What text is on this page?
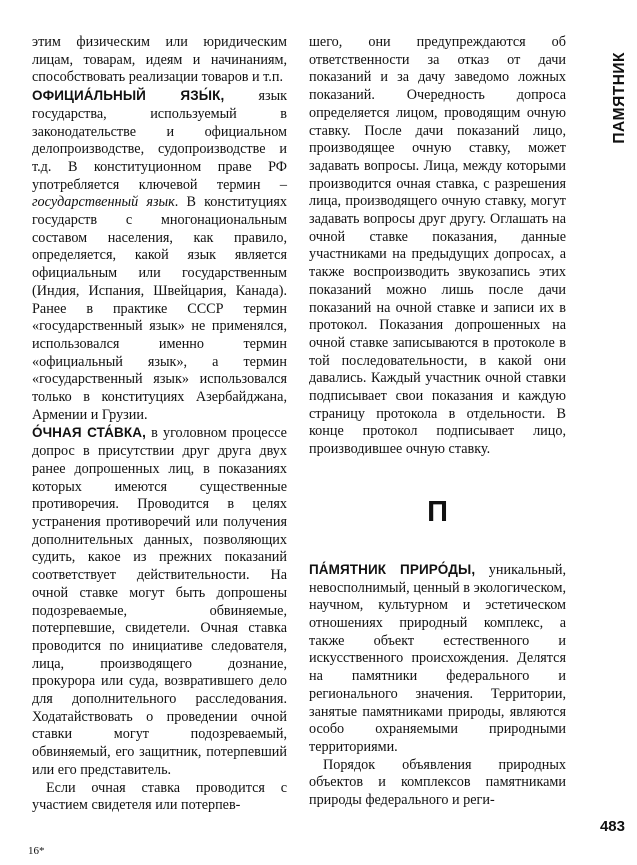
этим физическим или юридическим лицам, товарам, идеям и начинаниям, способствовать реализации товаров и т.п.

ОФИЦИА́ЛЬНЫЙ ЯЗЫ́К, язык государства, используемый в законодательстве и официальном делопроизводстве, судопроизводстве и т.д. В конституционном праве РФ употребляется ключевой термин – государственный язык. В конституциях государств с многонациональным составом населения, как правило, определяется, какой язык является официальным или государственным (Индия, Испания, Швейцария, Канада). Ранее в практике СССР термин «государственный язык» не применялся, использовался именно термин «официальный язык», а термин «государственный язык» использовался только в конституциях Азербайджана, Армении и Грузии.

О́ЧНАЯ СТА́ВКА, в уголовном процессе допрос в присутствии друг друга двух ранее допрошенных лиц, в показаниях которых имеются существенные противоречия. Проводится в целях устранения противоречий или получения дополнительных данных, позволяющих судить, какое из прежних показаний соответствует действительности. На очной ставке могут быть допрошены подозреваемые, обвиняемые, потерпевшие, свидетели. Очная ставка проводится по инициативе следователя, лица, производящего дознание, прокурора или суда, возвратившего дело для дополнительного расследования. Ходатайствовать о проведении очной ставки могут подозреваемый, обвиняемый, его защитник, потерпевший или его представитель.

Если очная ставка проводится с участием свидетеля или потерпев-

шего, они предупреждаются об ответственности за отказ от дачи показаний и за дачу заведомо ложных показаний. Очередность допроса определяется лицом, проводящим очную ставку. После дачи показаний лицо, производящее очную ставку, может задавать вопросы. Лица, между которыми производится очная ставка, с разрешения лица, производящего очную ставку, могут задавать вопросы друг другу. Оглашать на очной ставке показания, данные участниками на предыдущих допросах, а также воспроизводить звукозапись этих показаний можно лишь после дачи показаний на очной ставке и записи их в протокол. Показания допрошенных на очной ставке записываются в протоколе в той последовательности, в какой они давались. Каждый участник очной ставки подписывает свои показания и каждую страницу протокола в отдельности. В конце протокол подписывает лицо, производившее очную ставку.

П

ПА́МЯТНИК ПРИРО́ДЫ, уникальный, невосполнимый, ценный в экологическом, научном, культурном и эстетическом отношениях природный комплекс, а также объект естественного и искусственного происхождения. Делятся на памятники федерального и регионального значения. Территории, занятые памятниками природы, являются особо охраняемыми природными территориями.

Порядок объявления природных объектов и комплексов памятниками природы федерального и реги-

ПАМЯТНИК
483
16*
